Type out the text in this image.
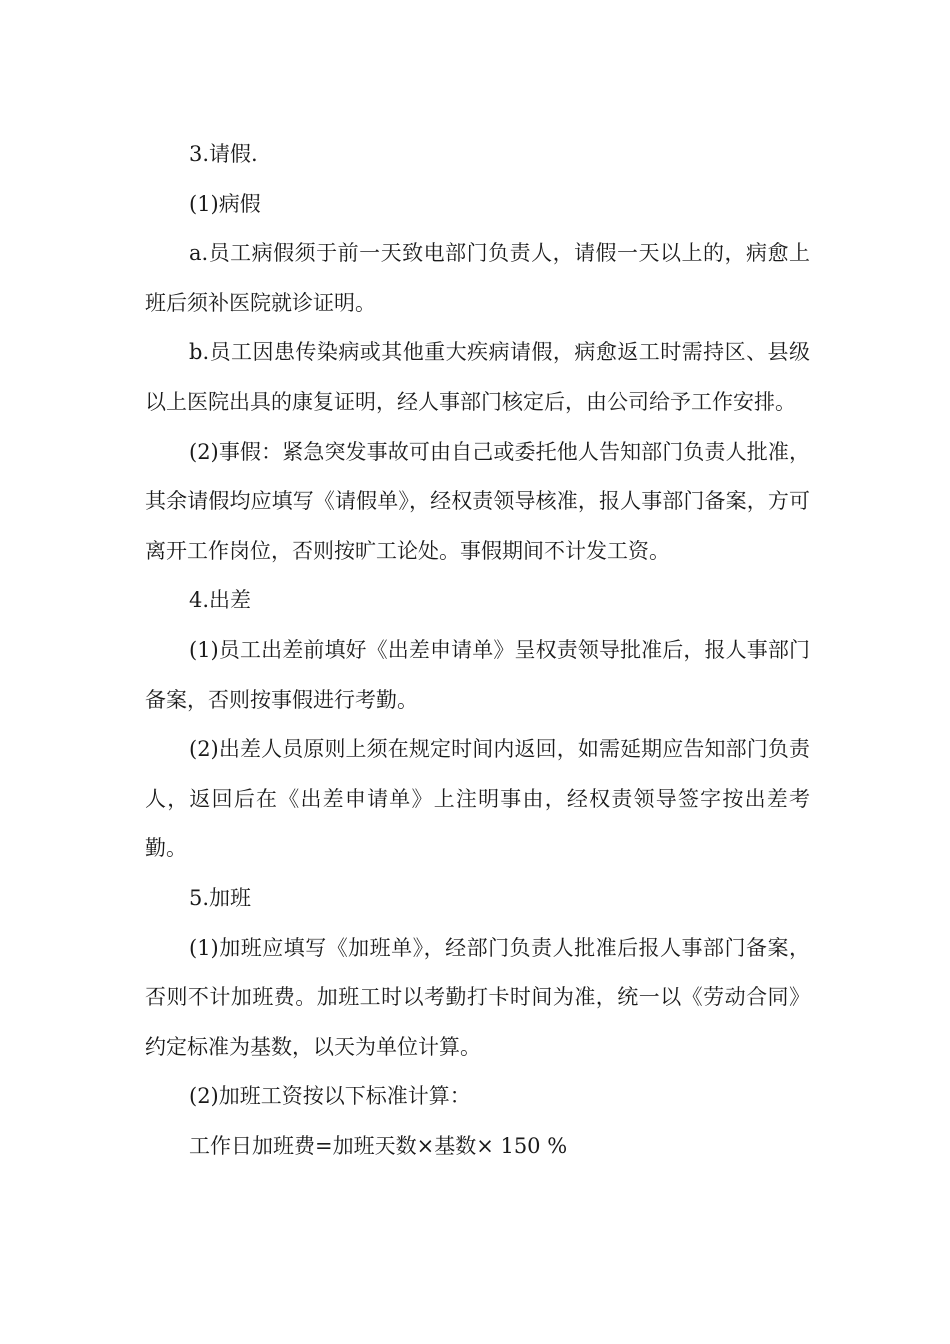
3.请假.

(1)病假

a.员工病假须于前一天致电部门负责人，请假一天以上的，病愈上班后须补医院就诊证明。

b.员工因患传染病或其他重大疾病请假，病愈返工时需持区、县级以上医院出具的康复证明，经人事部门核定后，由公司给予工作安排。

(2)事假：紧急突发事故可由自己或委托他人告知部门负责人批准，其余请假均应填写《请假单》，经权责领导核准，报人事部门备案，方可离开工作岗位，否则按旷工论处。事假期间不计发工资。

4.出差

(1)员工出差前填好《出差申请单》呈权责领导批准后，报人事部门备案，否则按事假进行考勤。

(2)出差人员原则上须在规定时间内返回，如需延期应告知部门负责人，返回后在《出差申请单》上注明事由，经权责领导签字按出差考勤。

5.加班

(1)加班应填写《加班单》，经部门负责人批准后报人事部门备案，否则不计加班费。加班工时以考勤打卡时间为准，统一以《劳动合同》约定标准为基数，以天为单位计算。

(2)加班工资按以下标准计算：

工作日加班费=加班天数×基数× 150 %
